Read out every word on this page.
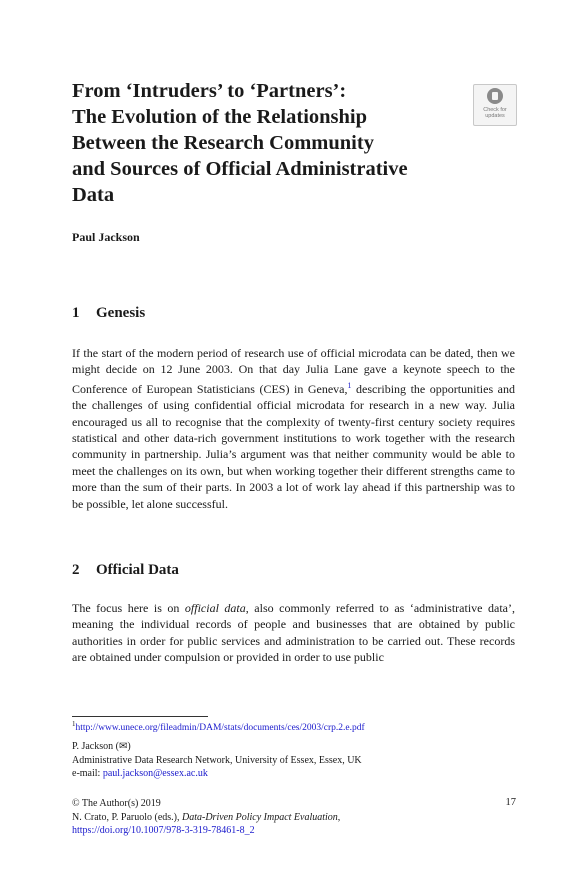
From ‘Intruders’ to ‘Partners’:
The Evolution of the Relationship
Between the Research Community
and Sources of Official Administrative
Data
Check for
updates
Paul Jackson
1 Genesis

If the start of the modern period of research use of official microdata can be dated, then we might decide on 12 June 2003. On that day Julia Lane gave a keynote speech to the Conference of European Statisticians (CES) in Geneva,$^1$ describing the opportunities and the challenges of using confidential official microdata for research in a new way. Julia encouraged us all to recognise that the complexity of twenty-first century society requires statistical and other data-rich government institutions to work together with the research community in partnership. Julia’s argument was that neither community would be able to meet the challenges on its own, but when working together their different strengths came to more than the sum of their parts. In 2003 a lot of work lay ahead if this partnership was to be possible, let alone successful.

2 Official Data

The focus here is on official data, also commonly referred to as ‘administrative data’, meaning the individual records of people and businesses that are obtained by public authorities in order for public services and administration to be carried out. These records are obtained under compulsion or provided in order to use public

$^1$http://www.unece.org/fileadmin/DAM/stats/documents/ces/2003/crp.2.e.pdf
P. Jackson (✉)
Administrative Data Research Network, University of Essex, Essex, UK
e-mail: paul.jackson@essex.ac.uk
© The Author(s) 2019
N. Crato, P. Paruolo (eds.), Data-Driven Policy Impact Evaluation,
https://doi.org/10.1007/978-3-319-78461-8_2
17
